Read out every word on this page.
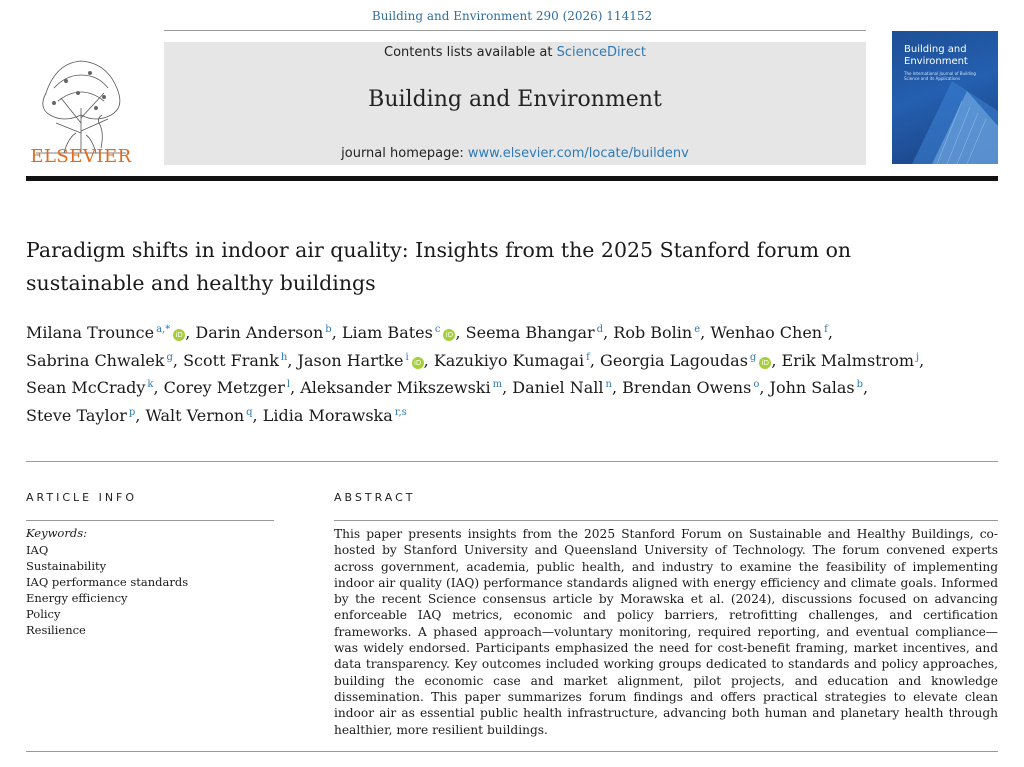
Building and Environment 290 (2026) 114152
ELSEVIER
Contents lists available at ScienceDirect
Building and Environment
journal homepage: www.elsevier.com/locate/buildenv
Building and
Environment
The International Journal of Building Science and its Applications
Paradigm shifts in indoor air quality: Insights from the 2025 Stanford forum on sustainable and healthy buildings
Milana Trounce $^{a,*}$ iD , Darin Anderson $^b$, Liam Bates $^c$ iD , Seema Bhangar $^d$, Rob Bolin $^e$, Wenhao Chen $^f$, Sabrina Chwalek $^g$, Scott Frank $^h$, Jason Hartke $^i$ iD , Kazukiyo Kumagai $^f$, Georgia Lagoudas $^g$ iD , Erik Malmstrom $^j$, Sean McCrady $^k$, Corey Metzger $^l$, Aleksander Mikszewski $^m$, Daniel Nall $^n$, Brendan Owens $^o$, John Salas $^b$, Steve Taylor $^p$, Walt Vernon $^q$, Lidia Morawska $^{r,s}$
ARTICLE INFO	ABSTRACT
Keywords:
IAQ
Sustainability
IAQ performance standards
Energy efficiency
Policy
Resilience

This paper presents insights from the 2025 Stanford Forum on Sustainable and Healthy Buildings, co-hosted by Stanford University and Queensland University of Technology. The forum convened experts across government, academia, public health, and industry to examine the feasibility of implementing indoor air quality (IAQ) performance standards aligned with energy efficiency and climate goals. Informed by the recent Science consensus article by Morawska et al. (2024), discussions focused on advancing enforceable IAQ metrics, economic and policy barriers, retrofitting challenges, and certification frameworks. A phased approach—voluntary monitoring, required reporting, and eventual compliance—was widely endorsed. Participants emphasized the need for cost-benefit framing, market incentives, and data transparency. Key outcomes included working groups dedicated to standards and policy approaches, building the economic case and market alignment, pilot projects, and education and knowledge dissemination. This paper summarizes forum findings and offers practical strategies to elevate clean indoor air as essential public health infrastructure, advancing both human and planetary health through healthier, more resilient buildings.
